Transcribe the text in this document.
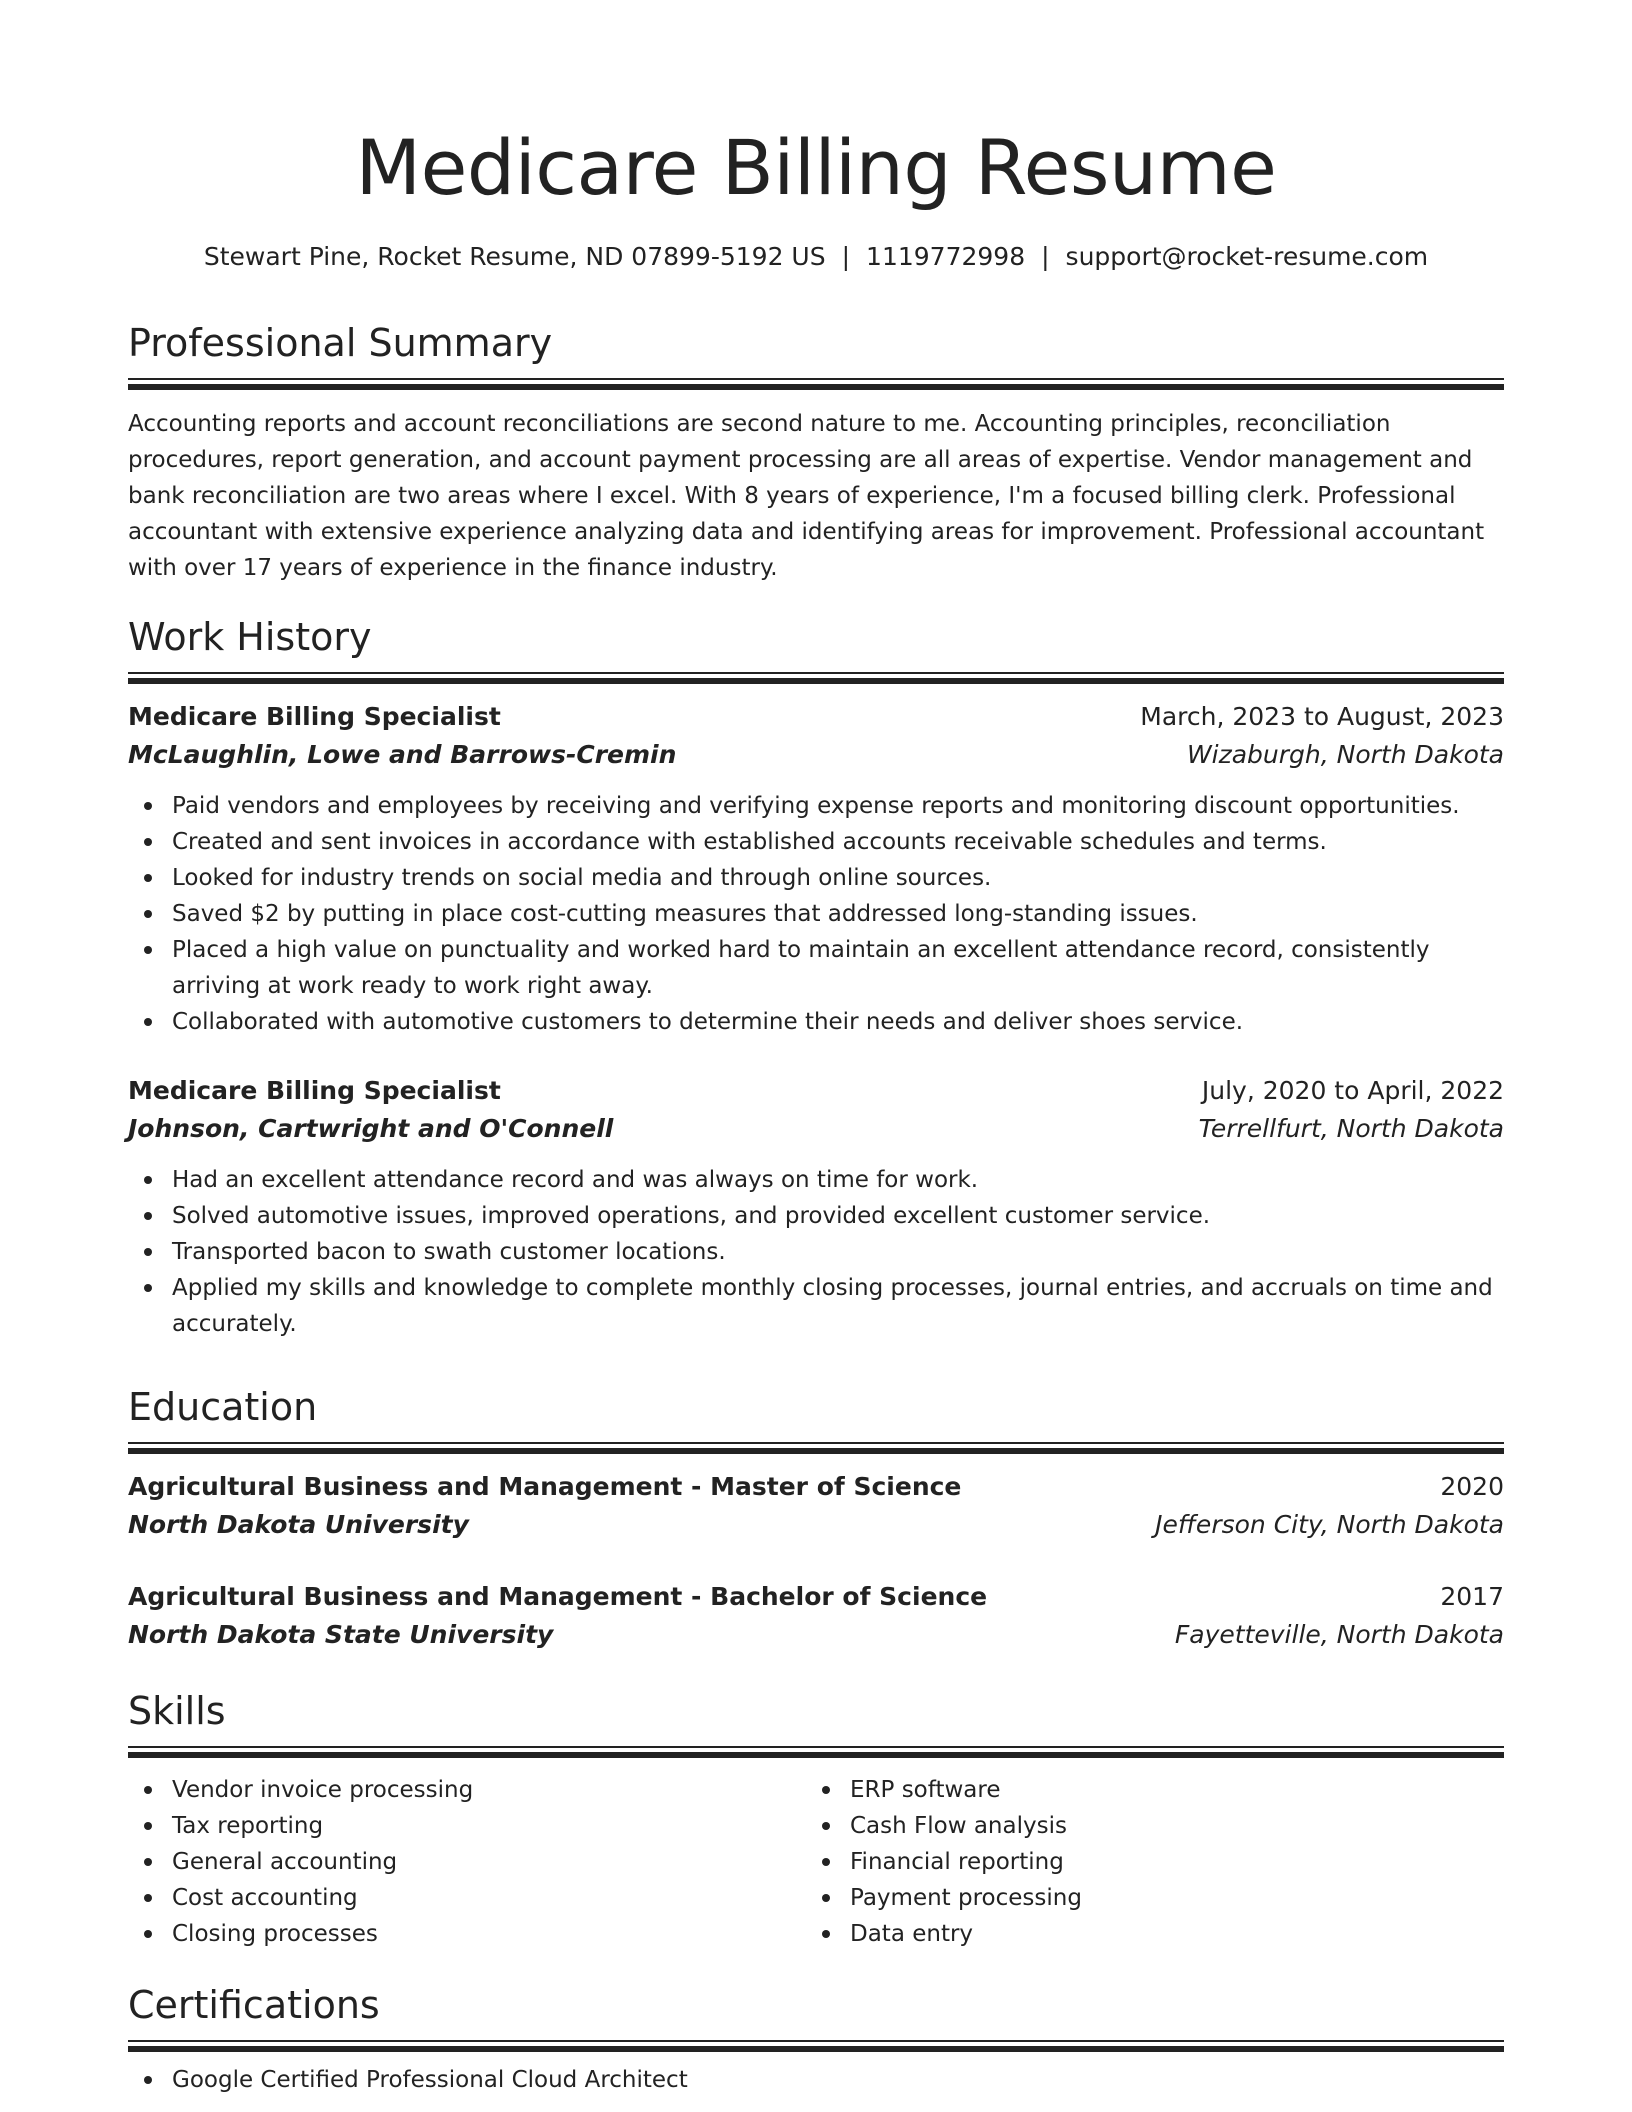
Medicare Billing Resume
Stewart Pine, Rocket Resume, ND 07899-5192 US | 1119772998 | support@rocket-resume.com
Professional Summary
Accounting reports and account reconciliations are second nature to me. Accounting principles, reconciliation procedures, report generation, and account payment processing are all areas of expertise. Vendor management and bank reconciliation are two areas where I excel. With 8 years of experience, I'm a focused billing clerk. Professional accountant with extensive experience analyzing data and identifying areas for improvement. Professional accountant with over 17 years of experience in the finance industry.
Work History
Medicare Billing Specialist	March, 2023 to August, 2023
McLaughlin, Lowe and Barrows-Cremin	Wizaburgh, North Dakota
Paid vendors and employees by receiving and verifying expense reports and monitoring discount opportunities.
Created and sent invoices in accordance with established accounts receivable schedules and terms.
Looked for industry trends on social media and through online sources.
Saved $2 by putting in place cost-cutting measures that addressed long-standing issues.
Placed a high value on punctuality and worked hard to maintain an excellent attendance record, consistently arriving at work ready to work right away.
Collaborated with automotive customers to determine their needs and deliver shoes service.
Medicare Billing Specialist	July, 2020 to April, 2022
Johnson, Cartwright and O'Connell	Terrellfurt, North Dakota
Had an excellent attendance record and was always on time for work.
Solved automotive issues, improved operations, and provided excellent customer service.
Transported bacon to swath customer locations.
Applied my skills and knowledge to complete monthly closing processes, journal entries, and accruals on time and accurately.
Education
Agricultural Business and Management - Master of Science	2020
North Dakota University	Jefferson City, North Dakota
Agricultural Business and Management - Bachelor of Science	2017
North Dakota State University	Fayetteville, North Dakota
Skills
Vendor invoice processing
Tax reporting
General accounting
Cost accounting
Closing processes
ERP software
Cash Flow analysis
Financial reporting
Payment processing
Data entry
Certifications
Google Certified Professional Cloud Architect
